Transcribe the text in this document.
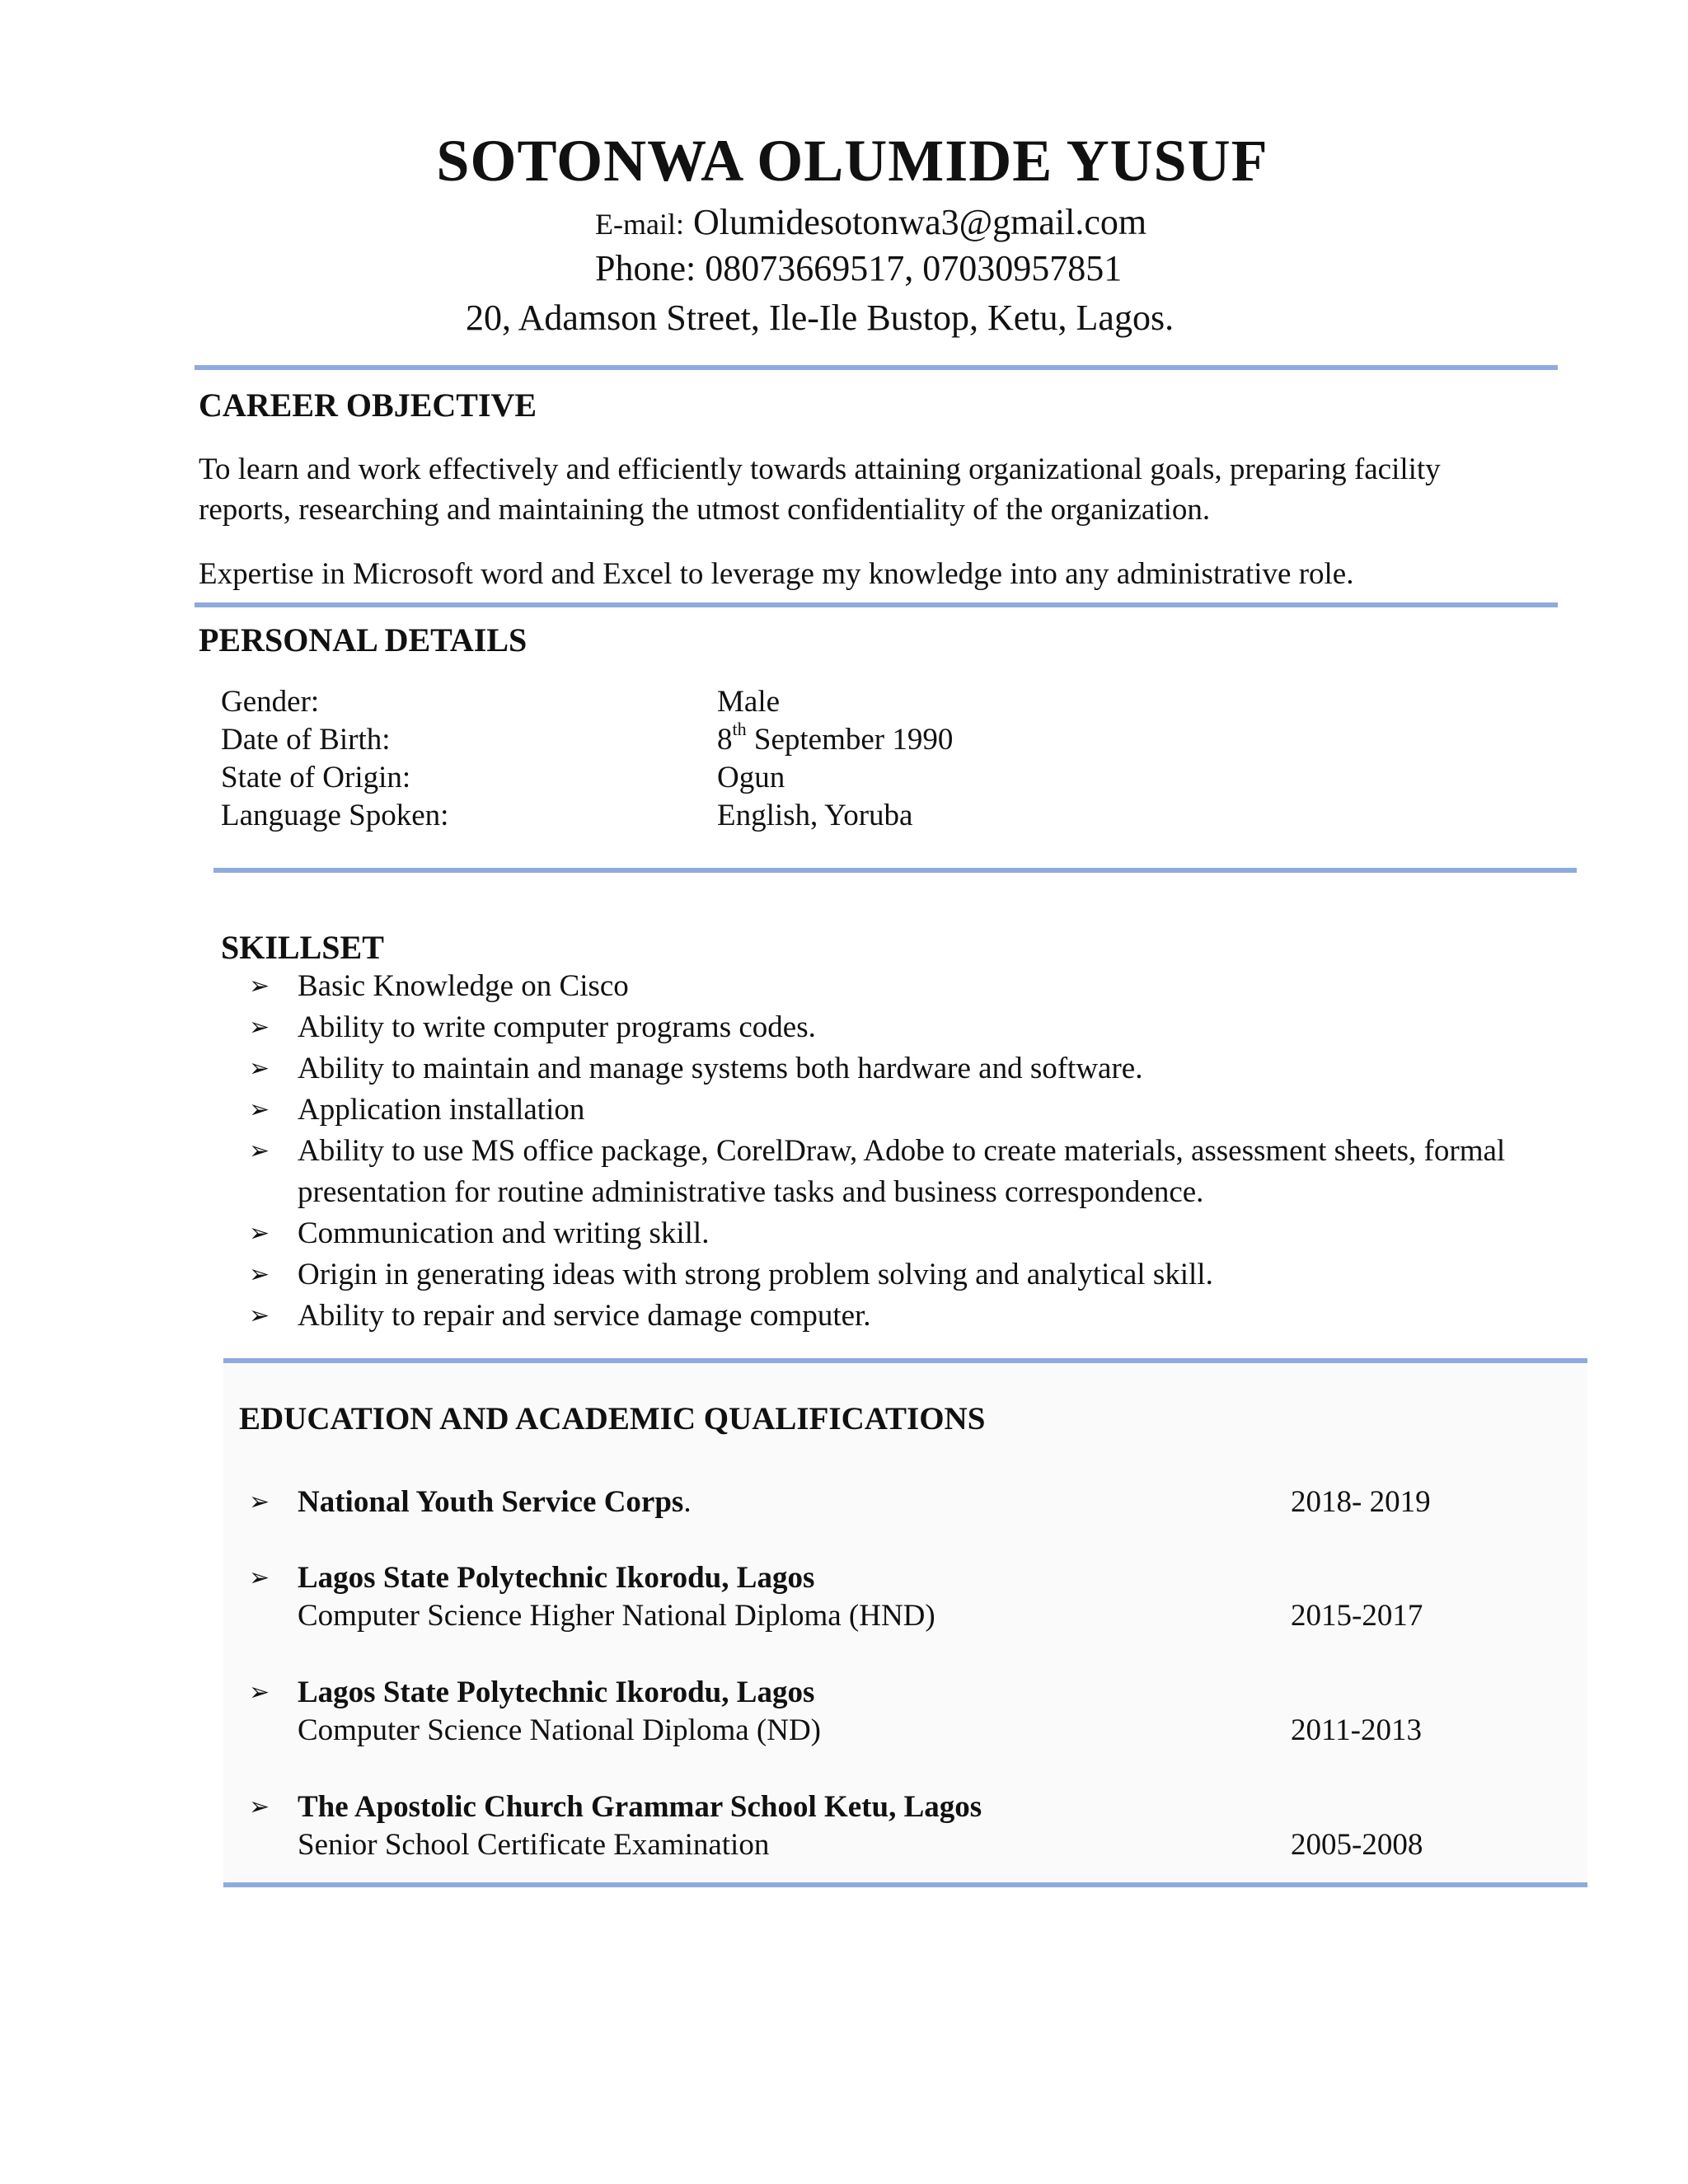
SOTONWA OLUMIDE YUSUF
E-mail: Olumidesotonwa3@gmail.com
Phone: 08073669517, 07030957851
20, Adamson Street, Ile-Ile Bustop, Ketu, Lagos.
CAREER OBJECTIVE
To learn and work effectively and efficiently towards attaining organizational goals, preparing facility reports, researching and maintaining the utmost confidentiality of the organization.
Expertise in Microsoft word and Excel to leverage my knowledge into any administrative role.
PERSONAL DETAILS
Gender:	Male
Date of Birth:	8th September 1990
State of Origin:	Ogun
Language Spoken:	English, Yoruba
SKILLSET
➢ Basic Knowledge on Cisco
➢ Ability to write computer programs codes.
➢ Ability to maintain and manage systems both hardware and software.
➢ Application installation
➢ Ability to use MS office package, CorelDraw, Adobe to create materials, assessment sheets, formal presentation for routine administrative tasks and business correspondence.
➢ Communication and writing skill.
➢ Origin in generating ideas with strong problem solving and analytical skill.
➢ Ability to repair and service damage computer.
EDUCATION AND ACADEMIC QUALIFICATIONS
➢ National Youth Service Corps.	2018- 2019
➢ Lagos State Polytechnic Ikorodu, Lagos
Computer Science Higher National Diploma (HND)	2015-2017
➢ Lagos State Polytechnic Ikorodu, Lagos
Computer Science National Diploma (ND)	2011-2013
➢ The Apostolic Church Grammar School Ketu, Lagos
Senior School Certificate Examination	2005-2008
